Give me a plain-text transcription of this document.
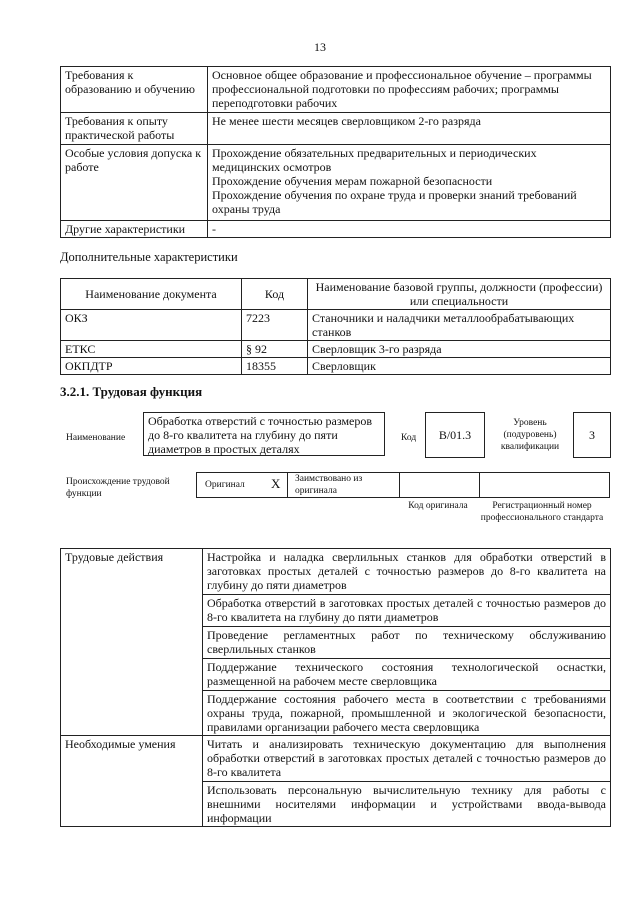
13
Требования к образованию и обучению	Основное общее образование и профессиональное обучение – программы профессиональной подготовки по профессиям рабочих; программы переподготовки рабочих
Требования к опыту практической работы	Не менее шести месяцев сверловщиком 2-го разряда
Особые условия допуска к работе	Прохождение обязательных предварительных и периодических медицинских осмотров
Прохождение обучения мерам пожарной безопасности
Прохождение обучения по охране труда и проверки знаний требований охраны труда

Другие характеристики	-
Дополнительные характеристики
Наименование документа	Код	Наименование базовой группы, должности (профессии) или специальности
ОКЗ	7223	Станочники и наладчики металлообрабатывающих станков
ЕТКС	§ 92	Сверловщик 3-го разряда
ОКПДТР	18355	Сверловщик
3.2.1. Трудовая функция
Наименование
Обработка отверстий с точностью размеров до 8-го квалитета на глубину до пяти диаметров в простых деталях
Код	B/01.3
Уровень (подуровень) квалификации
3
Происхождение трудовой функции
Оригинал X Заимствовано из оригинала
Код оригинала	Регистрационный номер профессионального стандарта
Трудовые действия	Настройка и наладка сверлильных станков для обработки отверстий в заготовках простых деталей с точностью размеров до 8-го квалитета на глубину до пяти диаметров
Обработка отверстий в заготовках простых деталей с точностью размеров до 8-го квалитета на глубину до пяти диаметров
Проведение регламентных работ по техническому обслуживанию сверлильных станков
Поддержание технического состояния технологической оснастки, размещенной на рабочем месте сверловщика
Поддержание состояния рабочего места в соответствии с требованиями охраны труда, пожарной, промышленной и экологической безопасности, правилами организации рабочего места сверловщика

Необходимые умения	Читать и анализировать техническую документацию для выполнения обработки отверстий в заготовках простых деталей с точностью размеров до 8-го квалитета
Использовать персональную вычислительную технику для работы с внешними носителями информации и устройствами ввода-вывода информации
